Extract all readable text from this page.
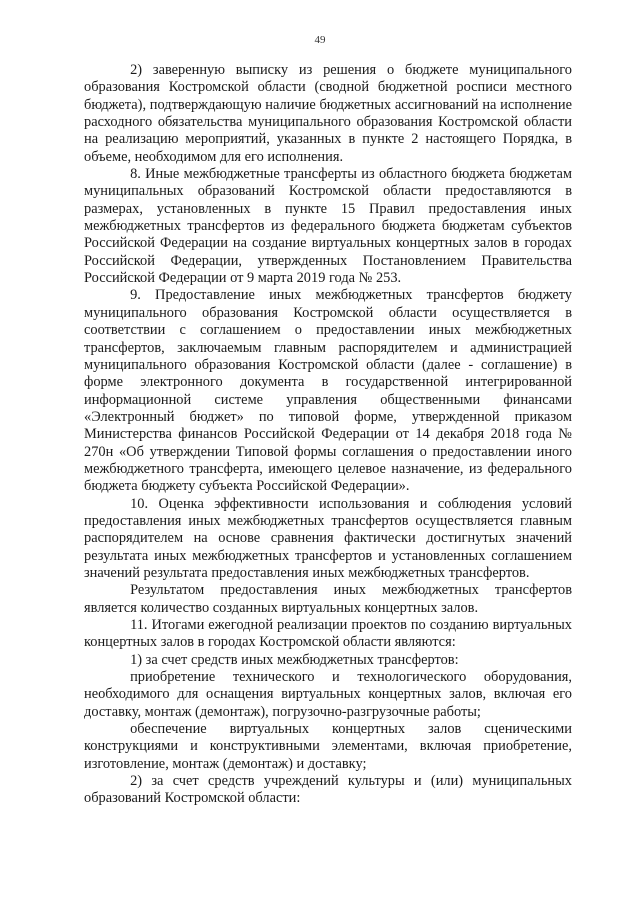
49

2) заверенную выписку из решения о бюджете муниципального образования Костромской области (сводной бюджетной росписи местного бюджета), подтверждающую наличие бюджетных ассигнований на исполнение расходного обязательства муниципального образования Костромской области на реализацию мероприятий, указанных в пункте 2 настоящего Порядка, в объеме, необходимом для его исполнения.

8. Иные межбюджетные трансферты из областного бюджета бюджетам муниципальных образований Костромской области предоставляются в размерах, установленных в пункте 15 Правил предоставления иных межбюджетных трансфертов из федерального бюджета бюджетам субъектов Российской Федерации на создание виртуальных концертных залов в городах Российской Федерации, утвержденных Постановлением Правительства Российской Федерации от 9 марта 2019 года № 253.

9. Предоставление иных межбюджетных трансфертов бюджету муниципального образования Костромской области осуществляется в соответствии с соглашением о предоставлении иных межбюджетных трансфертов, заключаемым главным распорядителем и администрацией муниципального образования Костромской области (далее - соглашение) в форме электронного документа в государственной интегрированной информационной системе управления общественными финансами «Электронный бюджет» по типовой форме, утвержденной приказом Министерства финансов Российской Федерации от 14 декабря 2018 года № 270н «Об утверждении Типовой формы соглашения о предоставлении иного межбюджетного трансферта, имеющего целевое назначение, из федерального бюджета бюджету субъекта Российской Федерации».

10. Оценка эффективности использования и соблюдения условий предоставления иных межбюджетных трансфертов осуществляется главным распорядителем на основе сравнения фактически достигнутых значений результата иных межбюджетных трансфертов и установленных соглашением значений результата предоставления иных межбюджетных трансфертов.

Результатом предоставления иных межбюджетных трансфертов является количество созданных виртуальных концертных залов.

11. Итогами ежегодной реализации проектов по созданию виртуальных концертных залов в городах Костромской области являются:

1) за счет средств иных межбюджетных трансфертов:

приобретение технического и технологического оборудования, необходимого для оснащения виртуальных концертных залов, включая его доставку, монтаж (демонтаж), погрузочно-разгрузочные работы;

обеспечение виртуальных концертных залов сценическими конструкциями и конструктивными элементами, включая приобретение, изготовление, монтаж (демонтаж) и доставку;

2) за счет средств учреждений культуры и (или) муниципальных образований Костромской области:
